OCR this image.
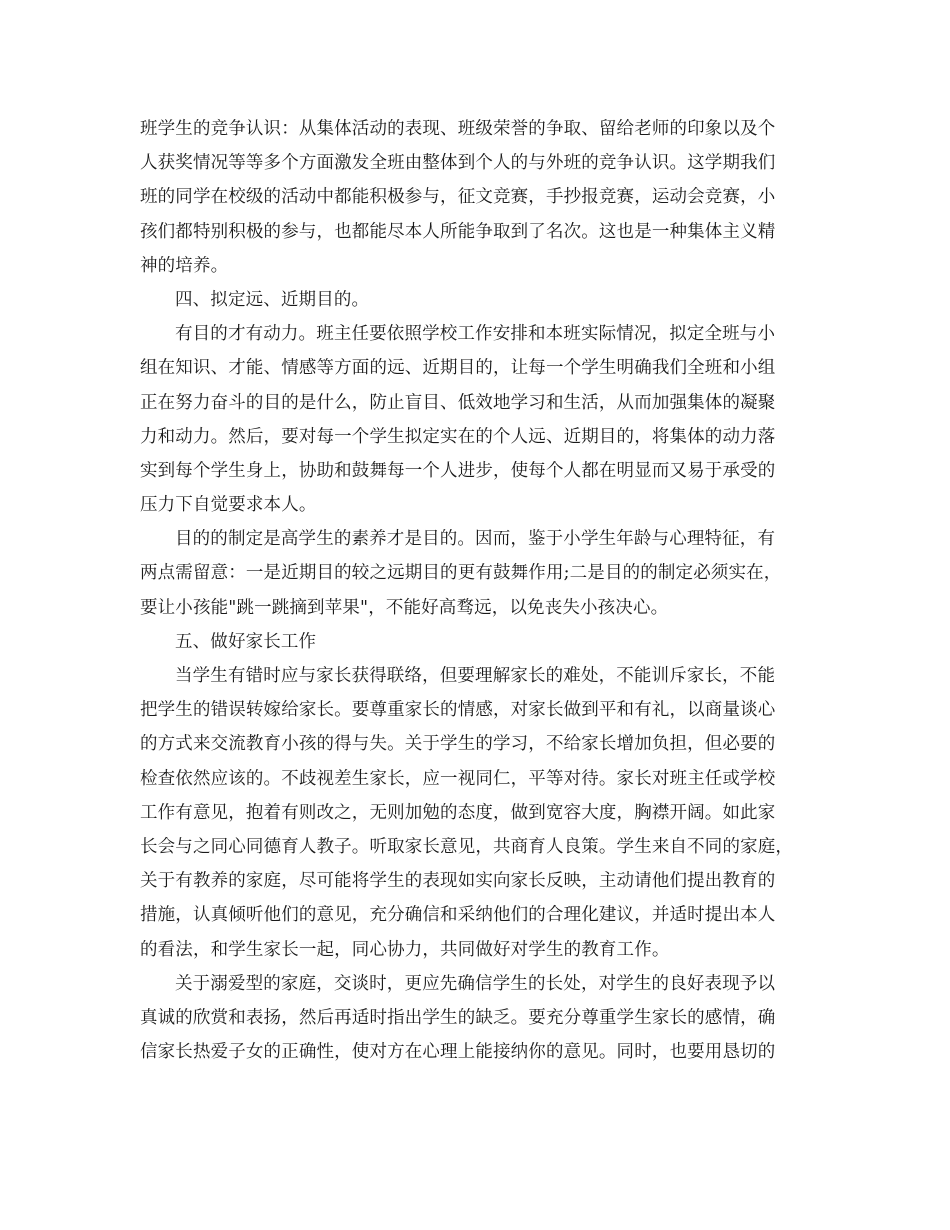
班学生的竞争认识：从集体活动的表现、班级荣誉的争取、留给老师的印象以及个
人获奖情况等等多个方面激发全班由整体到个人的与外班的竞争认识。这学期我们
班的同学在校级的活动中都能积极参与，征文竞赛，手抄报竞赛，运动会竞赛，小
孩们都特别积极的参与，也都能尽本人所能争取到了名次。这也是一种集体主义精
神的培养。
四、拟定远、近期目的。
有目的才有动力。班主任要依照学校工作安排和本班实际情况，拟定全班与小
组在知识、才能、情感等方面的远、近期目的，让每一个学生明确我们全班和小组
正在努力奋斗的目的是什么，防止盲目、低效地学习和生活，从而加强集体的凝聚
力和动力。然后，要对每一个学生拟定实在的个人远、近期目的，将集体的动力落
实到每个学生身上，协助和鼓舞每一个人进步，使每个人都在明显而又易于承受的
压力下自觉要求本人。
目的的制定是高学生的素养才是目的。因而，鉴于小学生年龄与心理特征，有
两点需留意：一是近期目的较之远期目的更有鼓舞作用;二是目的的制定必须实在，
要让小孩能"跳一跳摘到苹果"，不能好高骛远，以免丧失小孩决心。
五、做好家长工作
当学生有错时应与家长获得联络，但要理解家长的难处，不能训斥家长，不能
把学生的错误转嫁给家长。要尊重家长的情感，对家长做到平和有礼，以商量谈心
的方式来交流教育小孩的得与失。关于学生的学习，不给家长增加负担，但必要的
检查依然应该的。不歧视差生家长，应一视同仁，平等对待。家长对班主任或学校
工作有意见，抱着有则改之，无则加勉的态度，做到宽容大度，胸襟开阔。如此家
长会与之同心同德育人教子。听取家长意见，共商育人良策。学生来自不同的家庭，
关于有教养的家庭，尽可能将学生的表现如实向家长反映，主动请他们提出教育的
措施，认真倾听他们的意见，充分确信和采纳他们的合理化建议，并适时提出本人
的看法，和学生家长一起，同心协力，共同做好对学生的教育工作。
关于溺爱型的家庭，交谈时，更应先确信学生的长处，对学生的良好表现予以
真诚的欣赏和表扬，然后再适时指出学生的缺乏。要充分尊重学生家长的感情，确
信家长热爱子女的正确性，使对方在心理上能接纳你的意见。同时，也要用恳切的
